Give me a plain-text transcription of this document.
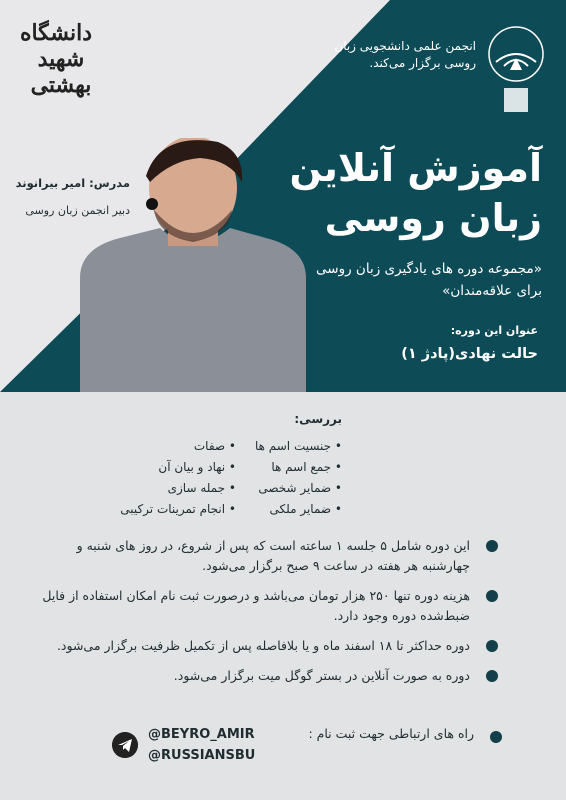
دانشگاه شهید بهشتی
انجمن علمی دانشجویی زبان روسی برگزار می‌کند.
آموزش آنلاین
زبان روسی
«مجموعه دوره های یادگیری زبان روسی برای علاقه‌مندان»
عنوان این دوره:
حالت نهادی(پادژ ۱)
مدرس: امیر بیرانوند
دبیر انجمن زبان روسی
بررسی:
• جنسیت اسم ها
• جمع اسم ها
• ضمایر شخصی
• ضمایر ملکی
• صفات
• نهاد و بیان آن
• جمله سازی
• انجام تمرینات ترکیبی
این دوره شامل ۵ جلسه ۱ ساعته است که پس از شروع، در روز های شنبه و چهارشنبه هر هفته در ساعت ۹ صبح برگزار می‌شود.
هزینه دوره تنها ۲۵۰ هزار تومان می‌باشد و درصورت ثبت نام امکان استفاده از فایل ضبط‌شده دوره وجود دارد.
دوره حداکثر تا ۱۸ اسفند ماه و یا بلافاصله پس از تکمیل ظرفیت برگزار می‌شود.
دوره به صورت آنلاین در بستر گوگل میت برگزار می‌شود.
راه های ارتباطی جهت ثبت نام :
@BEYRO_AMIR
@RUSSIANSBU
